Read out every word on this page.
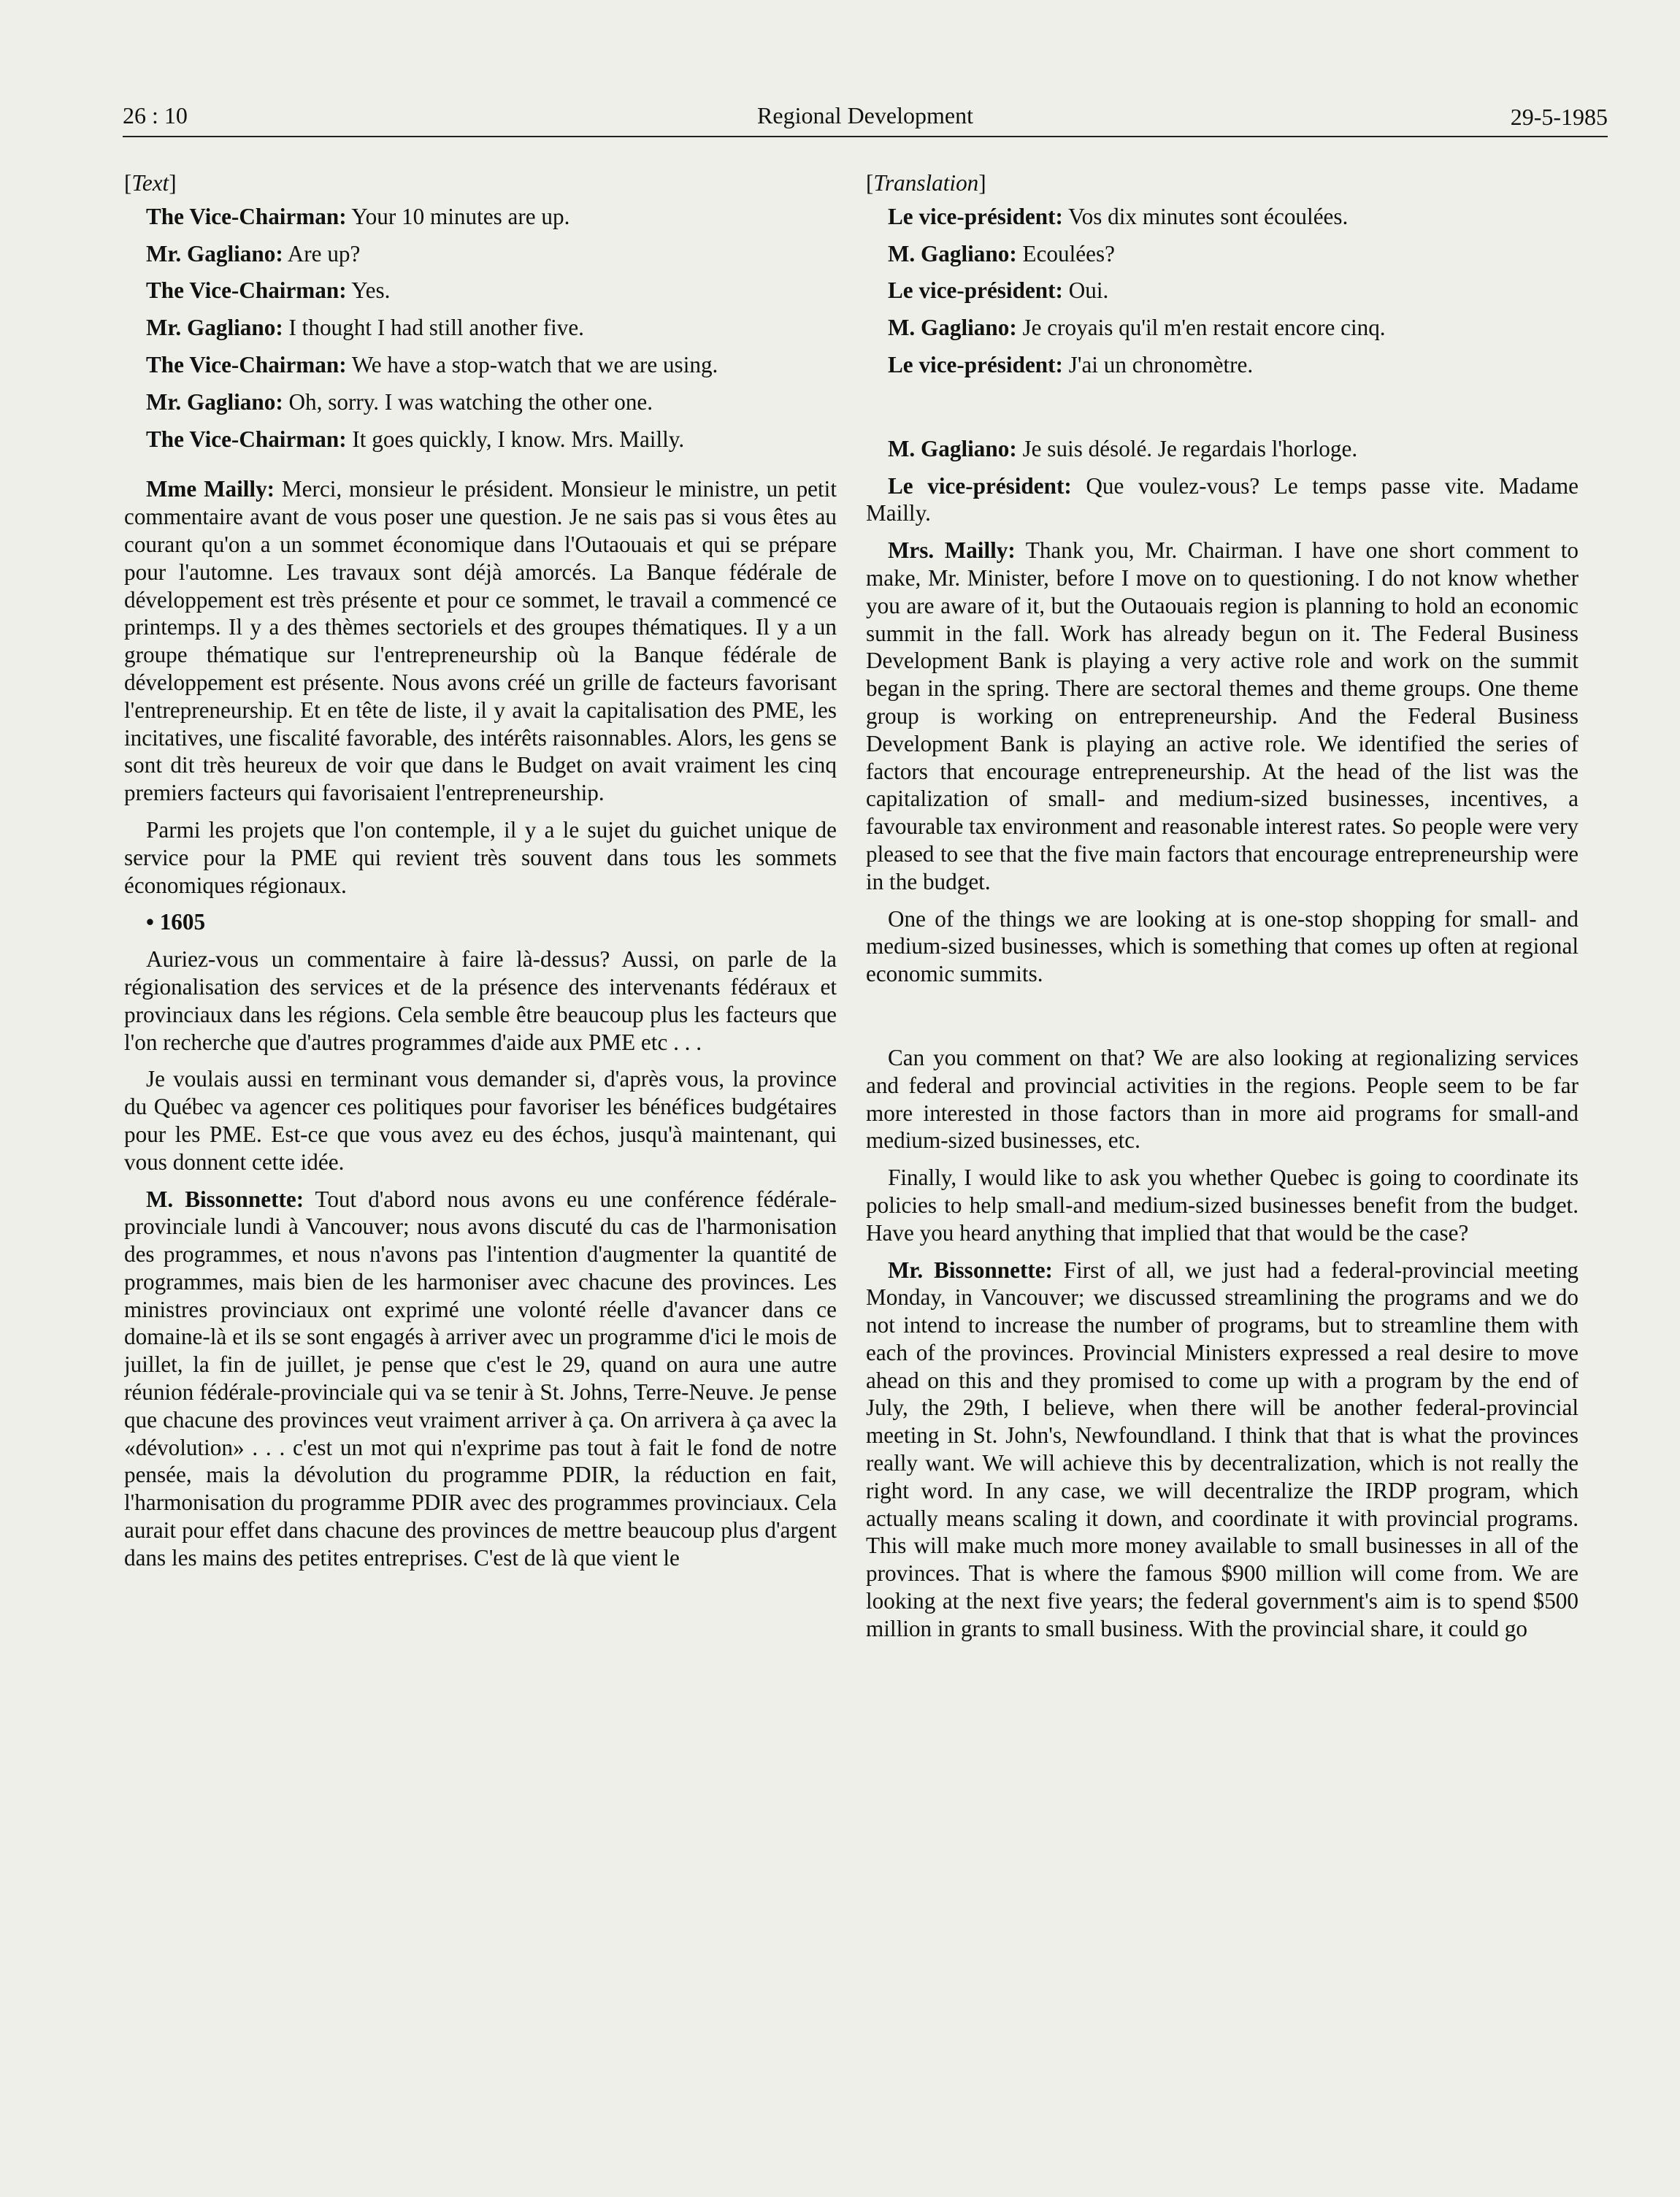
26 : 10	Regional Development	29-5-1985

[Text]

The Vice-Chairman: Your 10 minutes are up.

Mr. Gagliano: Are up?

The Vice-Chairman: Yes.

Mr. Gagliano: I thought I had still another five.

The Vice-Chairman: We have a stop-watch that we are using.

Mr. Gagliano: Oh, sorry. I was watching the other one.

The Vice-Chairman: It goes quickly, I know. Mrs. Mailly.

Mme Mailly: Merci, monsieur le président. Monsieur le ministre, un petit commentaire avant de vous poser une question. Je ne sais pas si vous êtes au courant qu'on a un sommet économique dans l'Outaouais et qui se prépare pour l'automne. Les travaux sont déjà amorcés. La Banque fédérale de développement est très présente et pour ce sommet, le travail a commencé ce printemps. Il y a des thèmes sectoriels et des groupes thématiques. Il y a un groupe thématique sur l'entrepreneurship où la Banque fédérale de développement est présente. Nous avons créé un grille de facteurs favorisant l'entrepreneurship. Et en tête de liste, il y avait la capitalisation des PME, les incitatives, une fiscalité favorable, des intérêts raisonnables. Alors, les gens se sont dit très heureux de voir que dans le Budget on avait vraiment les cinq premiers facteurs qui favorisaient l'entrepreneurship.

Parmi les projets que l'on contemple, il y a le sujet du guichet unique de service pour la PME qui revient très souvent dans tous les sommets économiques régionaux.

• 1605

Auriez-vous un commentaire à faire là-dessus? Aussi, on parle de la régionalisation des services et de la présence des intervenants fédéraux et provinciaux dans les régions. Cela semble être beaucoup plus les facteurs que l'on recherche que d'autres programmes d'aide aux PME etc . . .

Je voulais aussi en terminant vous demander si, d'après vous, la province du Québec va agencer ces politiques pour favoriser les bénéfices budgétaires pour les PME. Est-ce que vous avez eu des échos, jusqu'à maintenant, qui vous donnent cette idée.

M. Bissonnette: Tout d'abord nous avons eu une conférence fédérale-provinciale lundi à Vancouver; nous avons discuté du cas de l'harmonisation des programmes, et nous n'avons pas l'intention d'augmenter la quantité de programmes, mais bien de les harmoniser avec chacune des provinces. Les ministres provinciaux ont exprimé une volonté réelle d'avancer dans ce domaine-là et ils se sont engagés à arriver avec un programme d'ici le mois de juillet, la fin de juillet, je pense que c'est le 29, quand on aura une autre réunion fédérale-provinciale qui va se tenir à St. Johns, Terre-Neuve. Je pense que chacune des provinces veut vraiment arriver à ça. On arrivera à ça avec la «dévolution» . . . c'est un mot qui n'exprime pas tout à fait le fond de notre pensée, mais la dévolution du programme PDIR, la réduction en fait, l'harmonisation du programme PDIR avec des programmes provinciaux. Cela aurait pour effet dans chacune des provinces de mettre beaucoup plus d'argent dans les mains des petites entreprises. C'est de là que vient le

[Translation]

Le vice-président: Vos dix minutes sont écoulées.

M. Gagliano: Ecoulées?

Le vice-président: Oui.

M. Gagliano: Je croyais qu'il m'en restait encore cinq.

Le vice-président: J'ai un chronomètre.

M. Gagliano: Je suis désolé. Je regardais l'horloge.

Le vice-président: Que voulez-vous? Le temps passe vite. Madame Mailly.

Mrs. Mailly: Thank you, Mr. Chairman. I have one short comment to make, Mr. Minister, before I move on to questioning. I do not know whether you are aware of it, but the Outaouais region is planning to hold an economic summit in the fall. Work has already begun on it. The Federal Business Development Bank is playing a very active role and work on the summit began in the spring. There are sectoral themes and theme groups. One theme group is working on entrepreneurship. And the Federal Business Development Bank is playing an active role. We identified the series of factors that encourage entrepreneurship. At the head of the list was the capitalization of small- and medium-sized businesses, incentives, a favourable tax environment and reasonable interest rates. So people were very pleased to see that the five main factors that encourage entrepreneurship were in the budget.

One of the things we are looking at is one-stop shopping for small- and medium-sized businesses, which is something that comes up often at regional economic summits.

Can you comment on that? We are also looking at regionalizing services and federal and provincial activities in the regions. People seem to be far more interested in those factors than in more aid programs for small-and medium-sized businesses, etc.

Finally, I would like to ask you whether Quebec is going to coordinate its policies to help small-and medium-sized businesses benefit from the budget. Have you heard anything that implied that that would be the case?

Mr. Bissonnette: First of all, we just had a federal-provincial meeting Monday, in Vancouver; we discussed streamlining the programs and we do not intend to increase the number of programs, but to streamline them with each of the provinces. Provincial Ministers expressed a real desire to move ahead on this and they promised to come up with a program by the end of July, the 29th, I believe, when there will be another federal-provincial meeting in St. John's, Newfoundland. I think that that is what the provinces really want. We will achieve this by decentralization, which is not really the right word. In any case, we will decentralize the IRDP program, which actually means scaling it down, and coordinate it with provincial programs. This will make much more money available to small businesses in all of the provinces. That is where the famous $900 million will come from. We are looking at the next five years; the federal government's aim is to spend $500 million in grants to small business. With the provincial share, it could go
